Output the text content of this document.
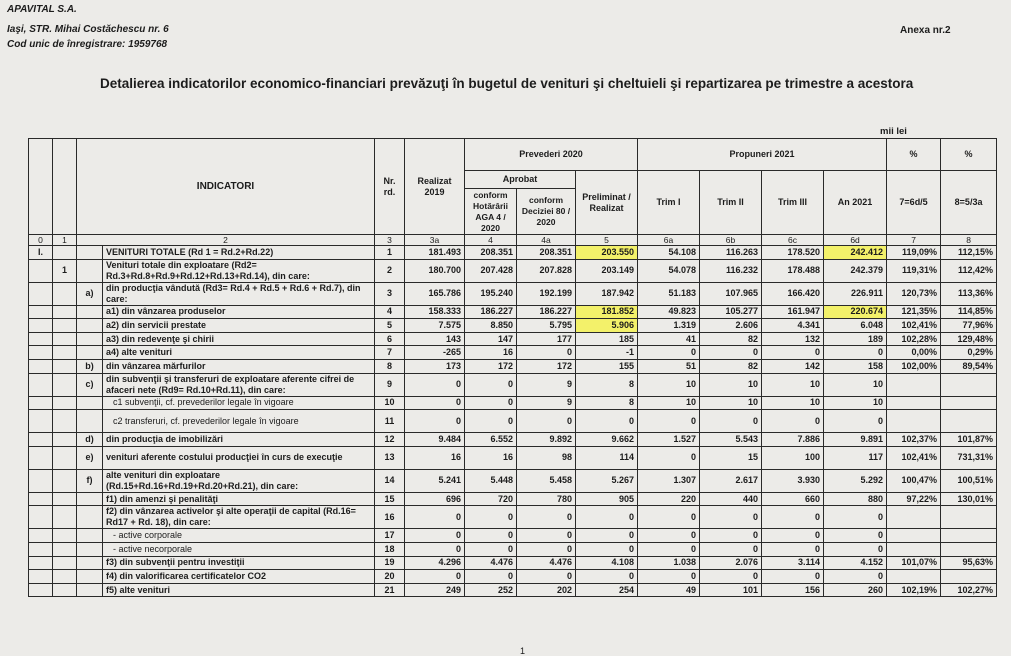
APAVITAL S.A.
Iaşi, STR. Mihai Costăchescu nr. 6
Cod unic de înregistrare: 1959768
Anexa nr.2
Detalierea indicatorilor economico-financiari prevăzuţi în bugetul de venituri şi cheltuieli şi repartizarea pe trimestre a acestora
mii lei
		INDICATORI		Nr. rd.	Realizat 2019	Prevederi 2020			Propuneri 2021				%	%

						Aprobat		Preliminat / Realizat	Trim I	Trim II	Trim III	An 2021	7=6d/5	8=5/3a
						conform Hotărârii AGA 4 / 2020	conform Deciziei 80 / 2020							
0	1	2		3	3a	4	4a	5	6a	6b	6c	6d	7	8
I.			VENITURI TOTALE (Rd 1 = Rd.2+Rd.22)	1	181.493	208.351	208.351	203.550	54.108	116.263	178.520	242.412	119,09%	112,15%
	1		Venituri totale din exploatare (Rd2= Rd.3+Rd.8+Rd.9+Rd.12+Rd.13+Rd.14), din care:	2	180.700	207.428	207.828	203.149	54.078	116.232	178.488	242.379	119,31%	112,42%
		a)	din producţia vândută (Rd3= Rd.4 + Rd.5 + Rd.6 + Rd.7), din care:	3	165.786	195.240	192.199	187.942	51.183	107.965	166.420	226.911	120,73%	113,36%
			a1) din vânzarea produselor	4	158.333	186.227	186.227	181.852	49.823	105.277	161.947	220.674	121,35%	114,85%
			a2) din servicii prestate	5	7.575	8.850	5.795	5.906	1.319	2.606	4.341	6.048	102,41%	77,96%
			a3) din redevenţe şi chirii	6	143	147	177	185	41	82	132	189	102,28%	129,48%
			a4) alte venituri	7	-265	16	0	-1	0	0	0	0	0,00%	0,29%
		b)	din vânzarea mărfurilor	8	173	172	172	155	51	82	142	158	102,00%	89,54%
		c)	din subvenţii şi transferuri de exploatare aferente cifrei de afaceri nete (Rd9= Rd.10+Rd.11), din care:	9	0	0	9	8	10	10	10	10		
			c1 subvenţii, cf. prevederilor legale în vigoare	10	0	0	9	8	10	10	10	10		
			c2 transferuri, cf. prevederilor legale în vigoare	11	0	0	0	0	0	0	0	0		
		d)	din producţia de imobilizări	12	9.484	6.552	9.892	9.662	1.527	5.543	7.886	9.891	102,37%	101,87%
		e)	venituri aferente costului producţiei în curs de execuţie	13	16	16	98	114	0	15	100	117	102,41%	731,31%
		f)	alte venituri din exploatare (Rd.15+Rd.16+Rd.19+Rd.20+Rd.21), din care:	14	5.241	5.448	5.458	5.267	1.307	2.617	3.930	5.292	100,47%	100,51%
			f1) din amenzi şi penalităţi	15	696	720	780	905	220	440	660	880	97,22%	130,01%
			f2) din vânzarea activelor şi alte operaţii de capital (Rd.16= Rd17 + Rd. 18), din care:	16	0	0	0	0	0	0	0	0		
			- active corporale	17	0	0	0	0	0	0	0	0		
			- active necorporale	18	0	0	0	0	0	0	0	0		
			f3) din subvenţii pentru investiţii	19	4.296	4.476	4.476	4.108	1.038	2.076	3.114	4.152	101,07%	95,63%
			f4) din valorificarea certificatelor CO2	20	0	0	0	0	0	0	0	0		
			f5) alte venituri	21	249	252	202	254	49	101	156	260	102,19%	102,27%
1
